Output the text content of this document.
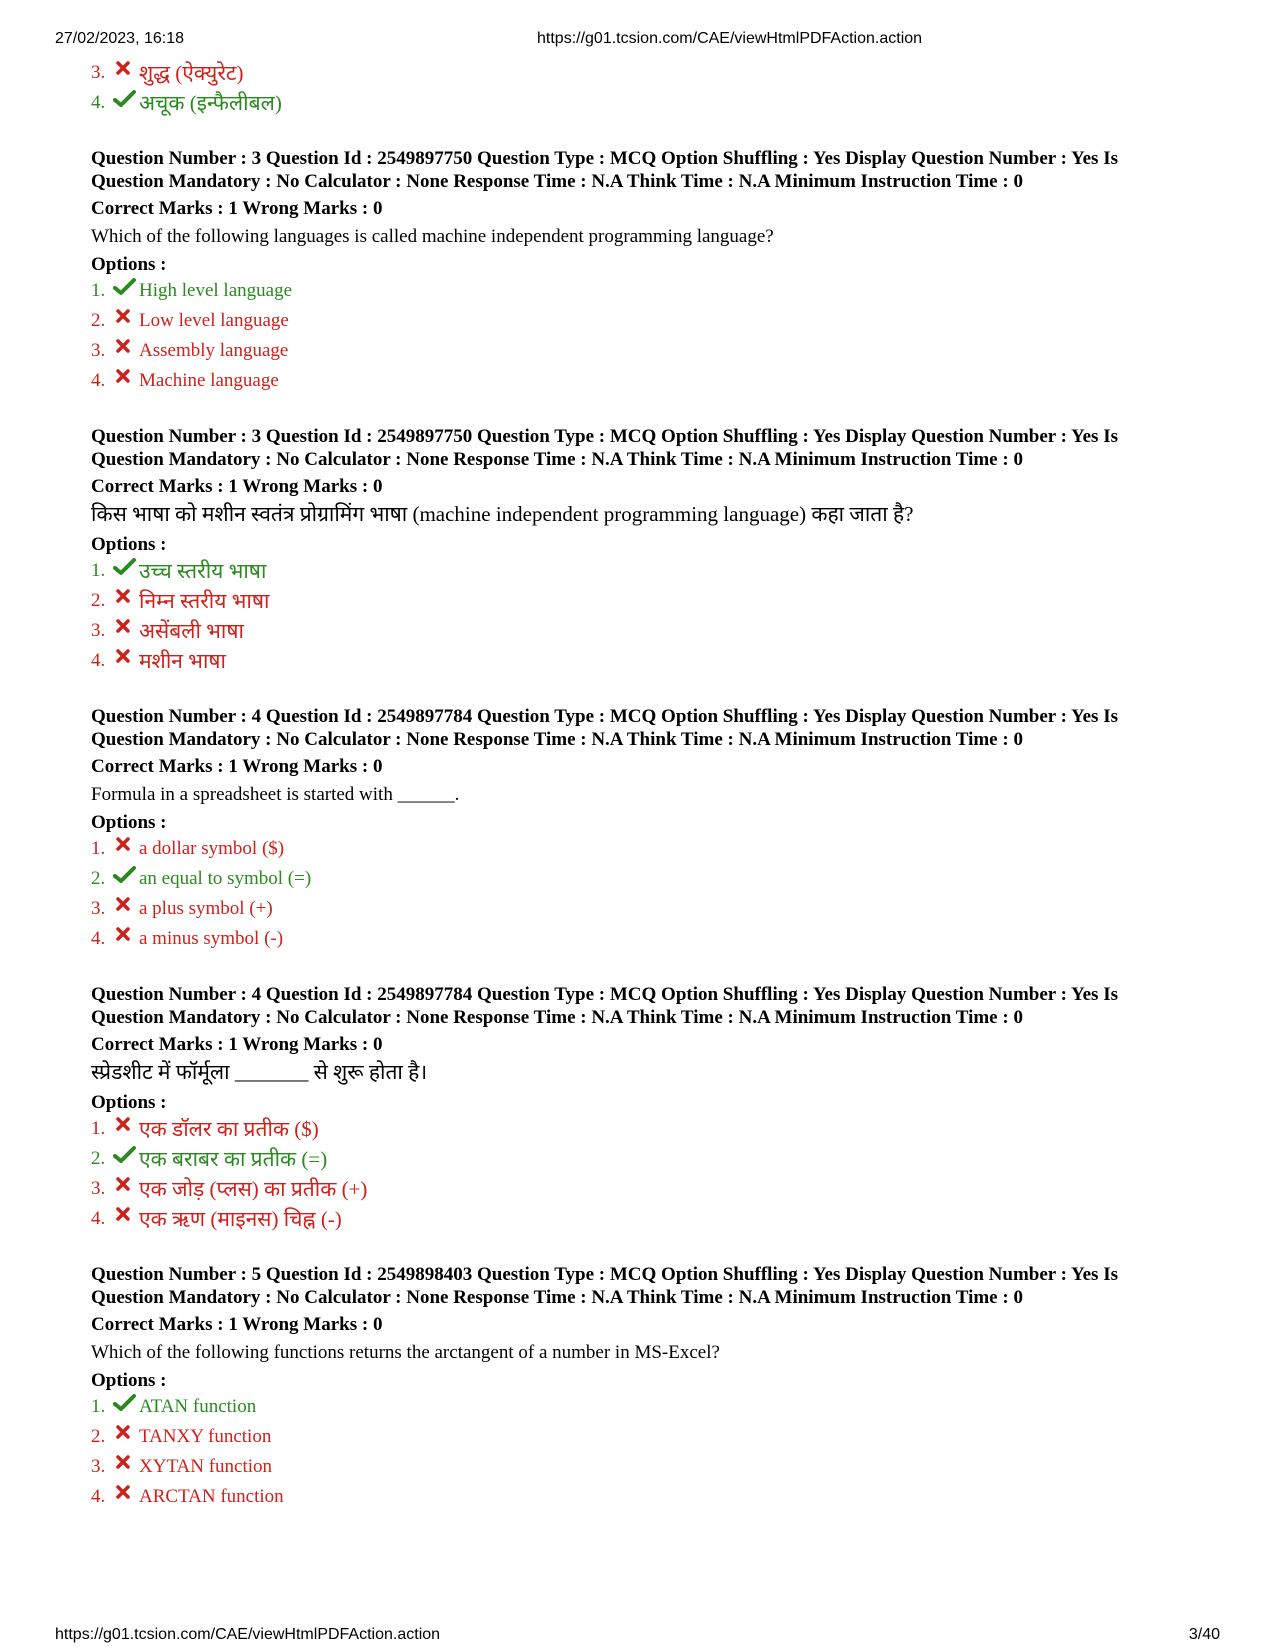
27/02/2023, 16:18	https://g01.tcsion.com/CAE/viewHtmlPDFAction.action
3.	शुद्ध (ऐक्युरेट)
4.	अचूक (इन्फैलीबल)
Question Number : 3 Question Id : 2549897750 Question Type : MCQ Option Shuffling : Yes Display Question Number : Yes Is
Question Mandatory : No Calculator : None Response Time : N.A Think Time : N.A Minimum Instruction Time : 0
Correct Marks : 1 Wrong Marks : 0
Which of the following languages is called machine independent programming language?
Options :
1.	High level language
2.	Low level language
3.	Assembly language
4.	Machine language
Question Number : 3 Question Id : 2549897750 Question Type : MCQ Option Shuffling : Yes Display Question Number : Yes Is
Question Mandatory : No Calculator : None Response Time : N.A Think Time : N.A Minimum Instruction Time : 0
Correct Marks : 1 Wrong Marks : 0
किस भाषा को मशीन स्वतंत्र प्रोग्रामिंग भाषा (machine independent programming language) कहा जाता है?
Options :
1.	उच्च स्तरीय भाषा
2.	निम्न स्तरीय भाषा
3.	असेंबली भाषा
4.	मशीन भाषा
Question Number : 4 Question Id : 2549897784 Question Type : MCQ Option Shuffling : Yes Display Question Number : Yes Is
Question Mandatory : No Calculator : None Response Time : N.A Think Time : N.A Minimum Instruction Time : 0
Correct Marks : 1 Wrong Marks : 0
Formula in a spreadsheet is started with ______.
Options :
1.	a dollar symbol ($)
2.	an equal to symbol (=)
3.	a plus symbol (+)
4.	a minus symbol (-)
Question Number : 4 Question Id : 2549897784 Question Type : MCQ Option Shuffling : Yes Display Question Number : Yes Is
Question Mandatory : No Calculator : None Response Time : N.A Think Time : N.A Minimum Instruction Time : 0
Correct Marks : 1 Wrong Marks : 0
स्प्रेडशीट में फॉर्मूला _______ से शुरू होता है।
Options :
1.	एक डॉलर का प्रतीक ($)
2.	एक बराबर का प्रतीक (=)
3.	एक जोड़ (प्लस) का प्रतीक (+)
4.	एक ऋण (माइनस) चिह्न (-)
Question Number : 5 Question Id : 2549898403 Question Type : MCQ Option Shuffling : Yes Display Question Number : Yes Is
Question Mandatory : No Calculator : None Response Time : N.A Think Time : N.A Minimum Instruction Time : 0
Correct Marks : 1 Wrong Marks : 0
Which of the following functions returns the arctangent of a number in MS-Excel?
Options :
1.	ATAN function
2.	TANXY function
3.	XYTAN function
4.	ARCTAN function
https://g01.tcsion.com/CAE/viewHtmlPDFAction.action	3/40
